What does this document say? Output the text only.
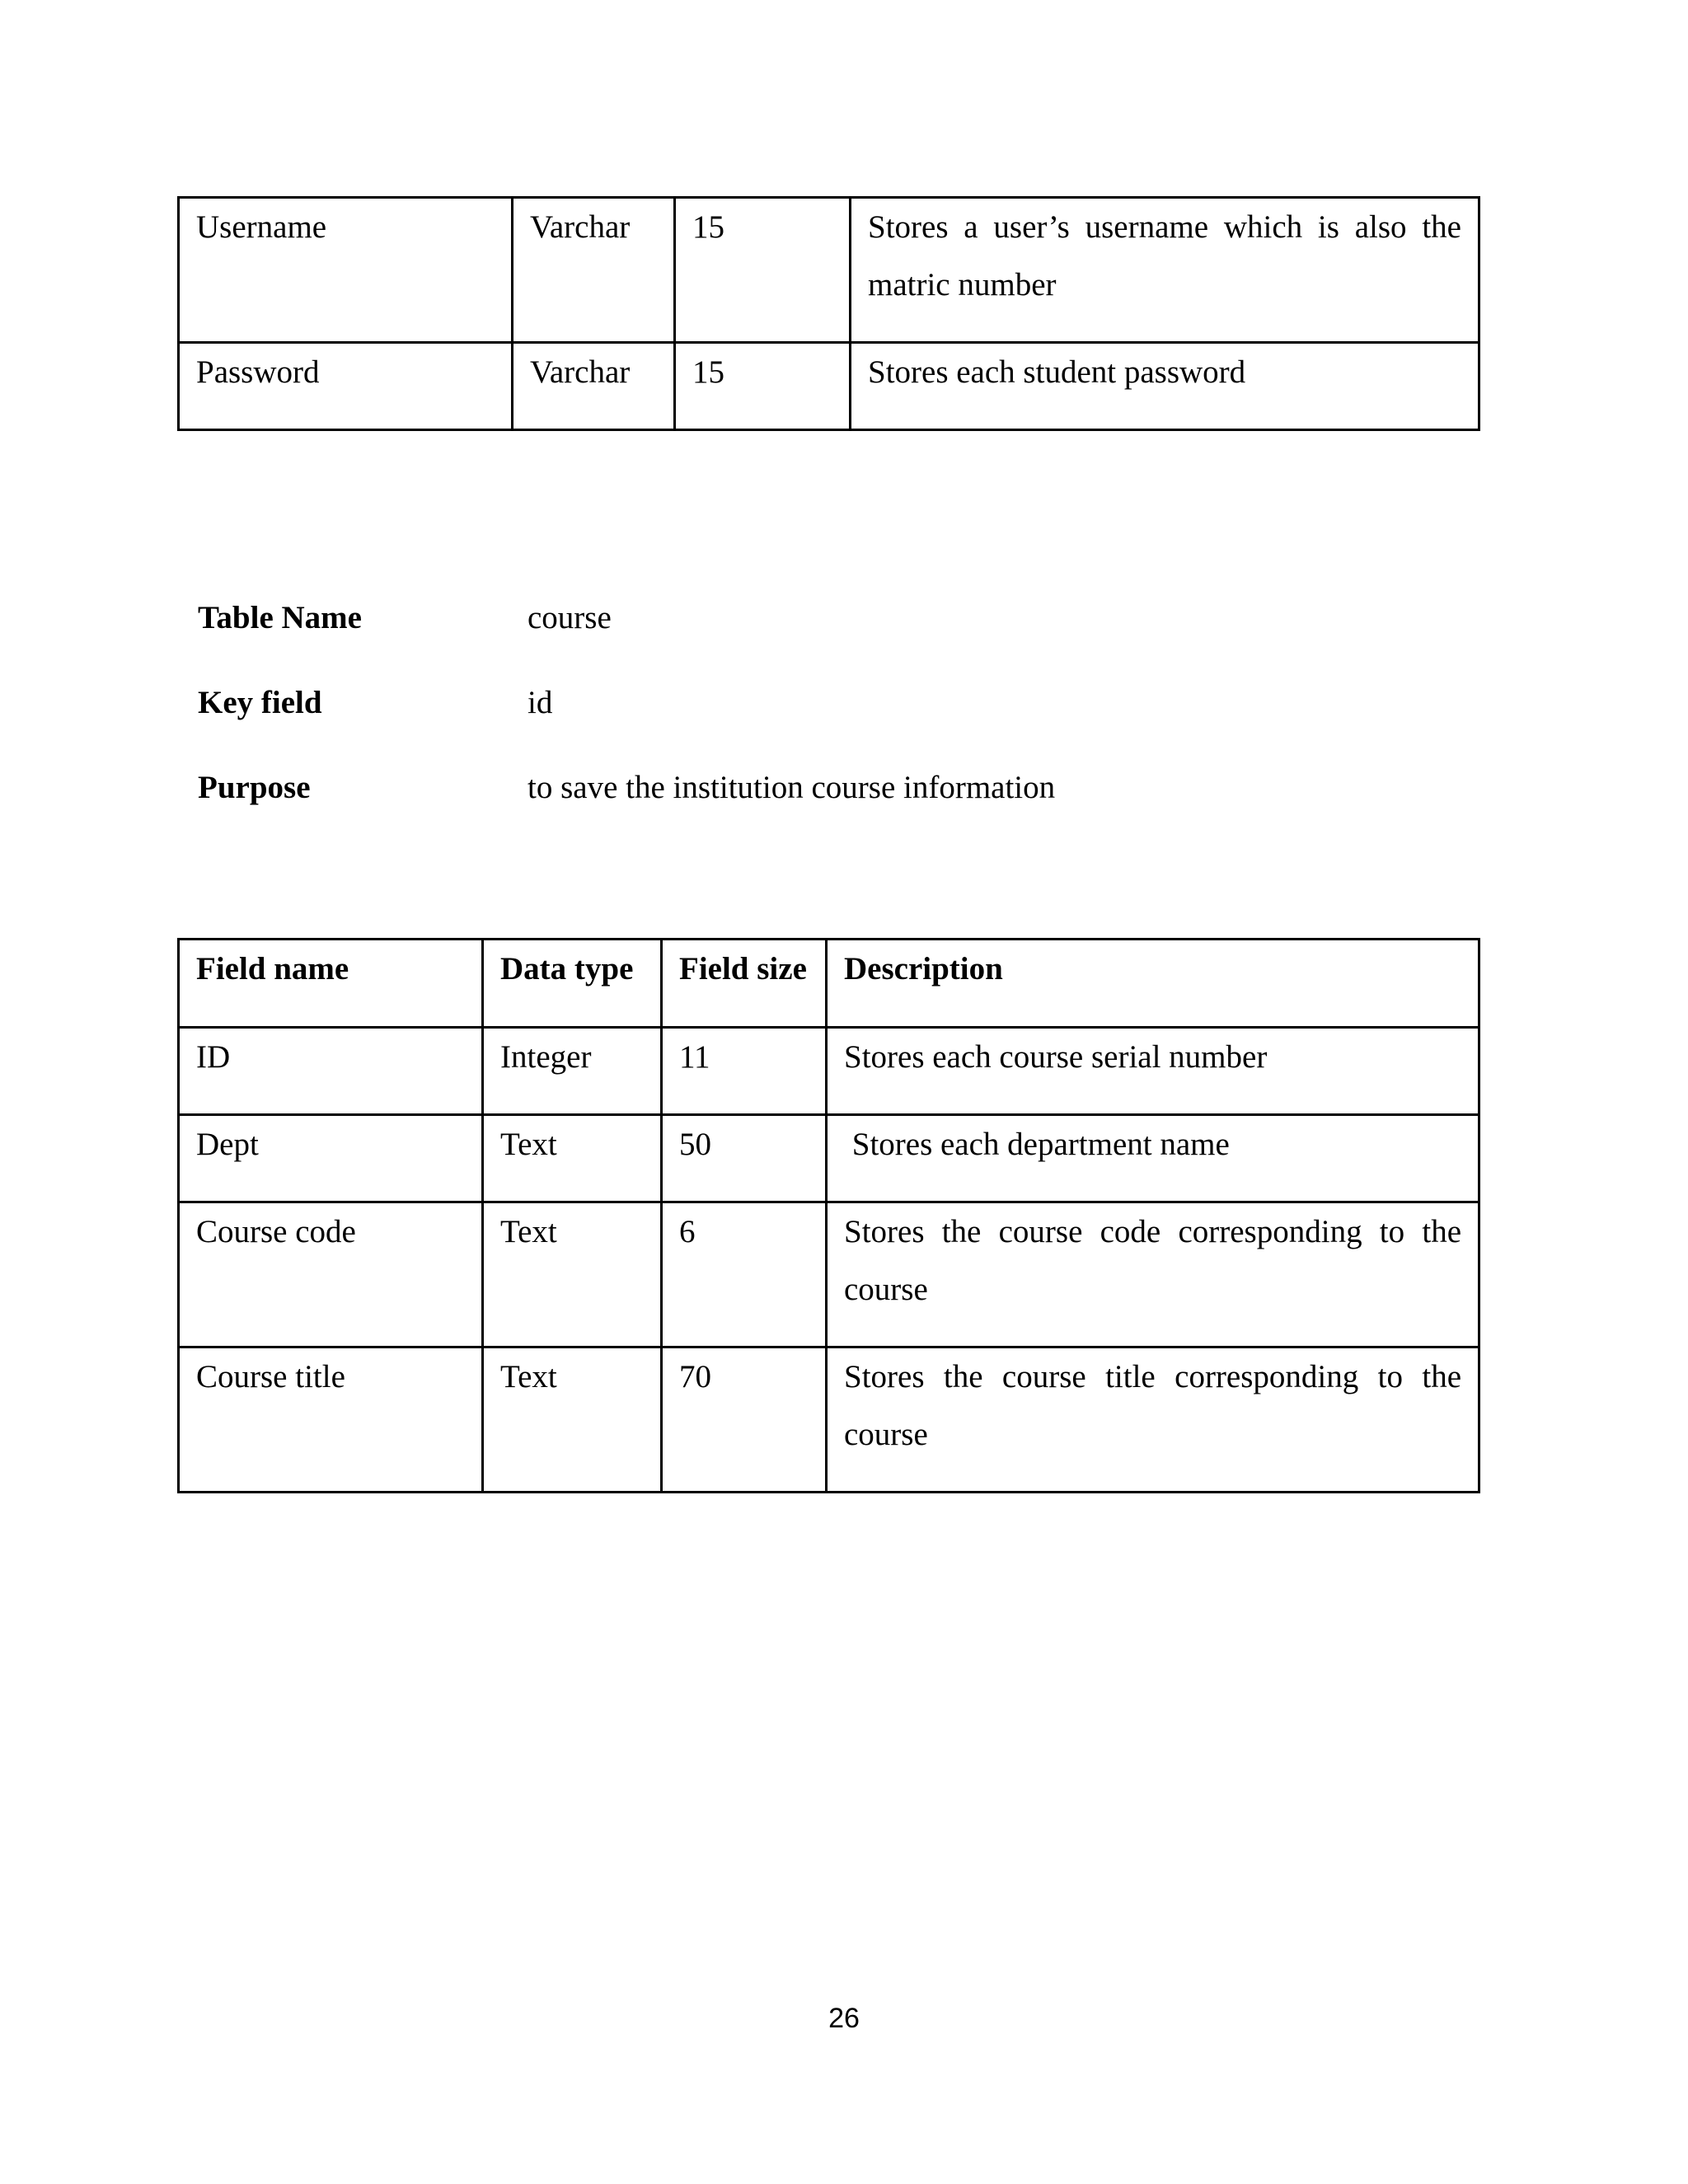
Username	Varchar	15	Stores a user’s username which is also the matric number
Password	Varchar	15	Stores each student password
Table Name	course
Key field	id
Purpose	to save the institution course information
Field name	Data type	Field size	Description
ID	Integer	11	Stores each course serial number
Dept	Text	50	Stores each department name
Course code	Text	6	Stores the course code corresponding to the course
Course title	Text	70	Stores the course title corresponding to the course
26
